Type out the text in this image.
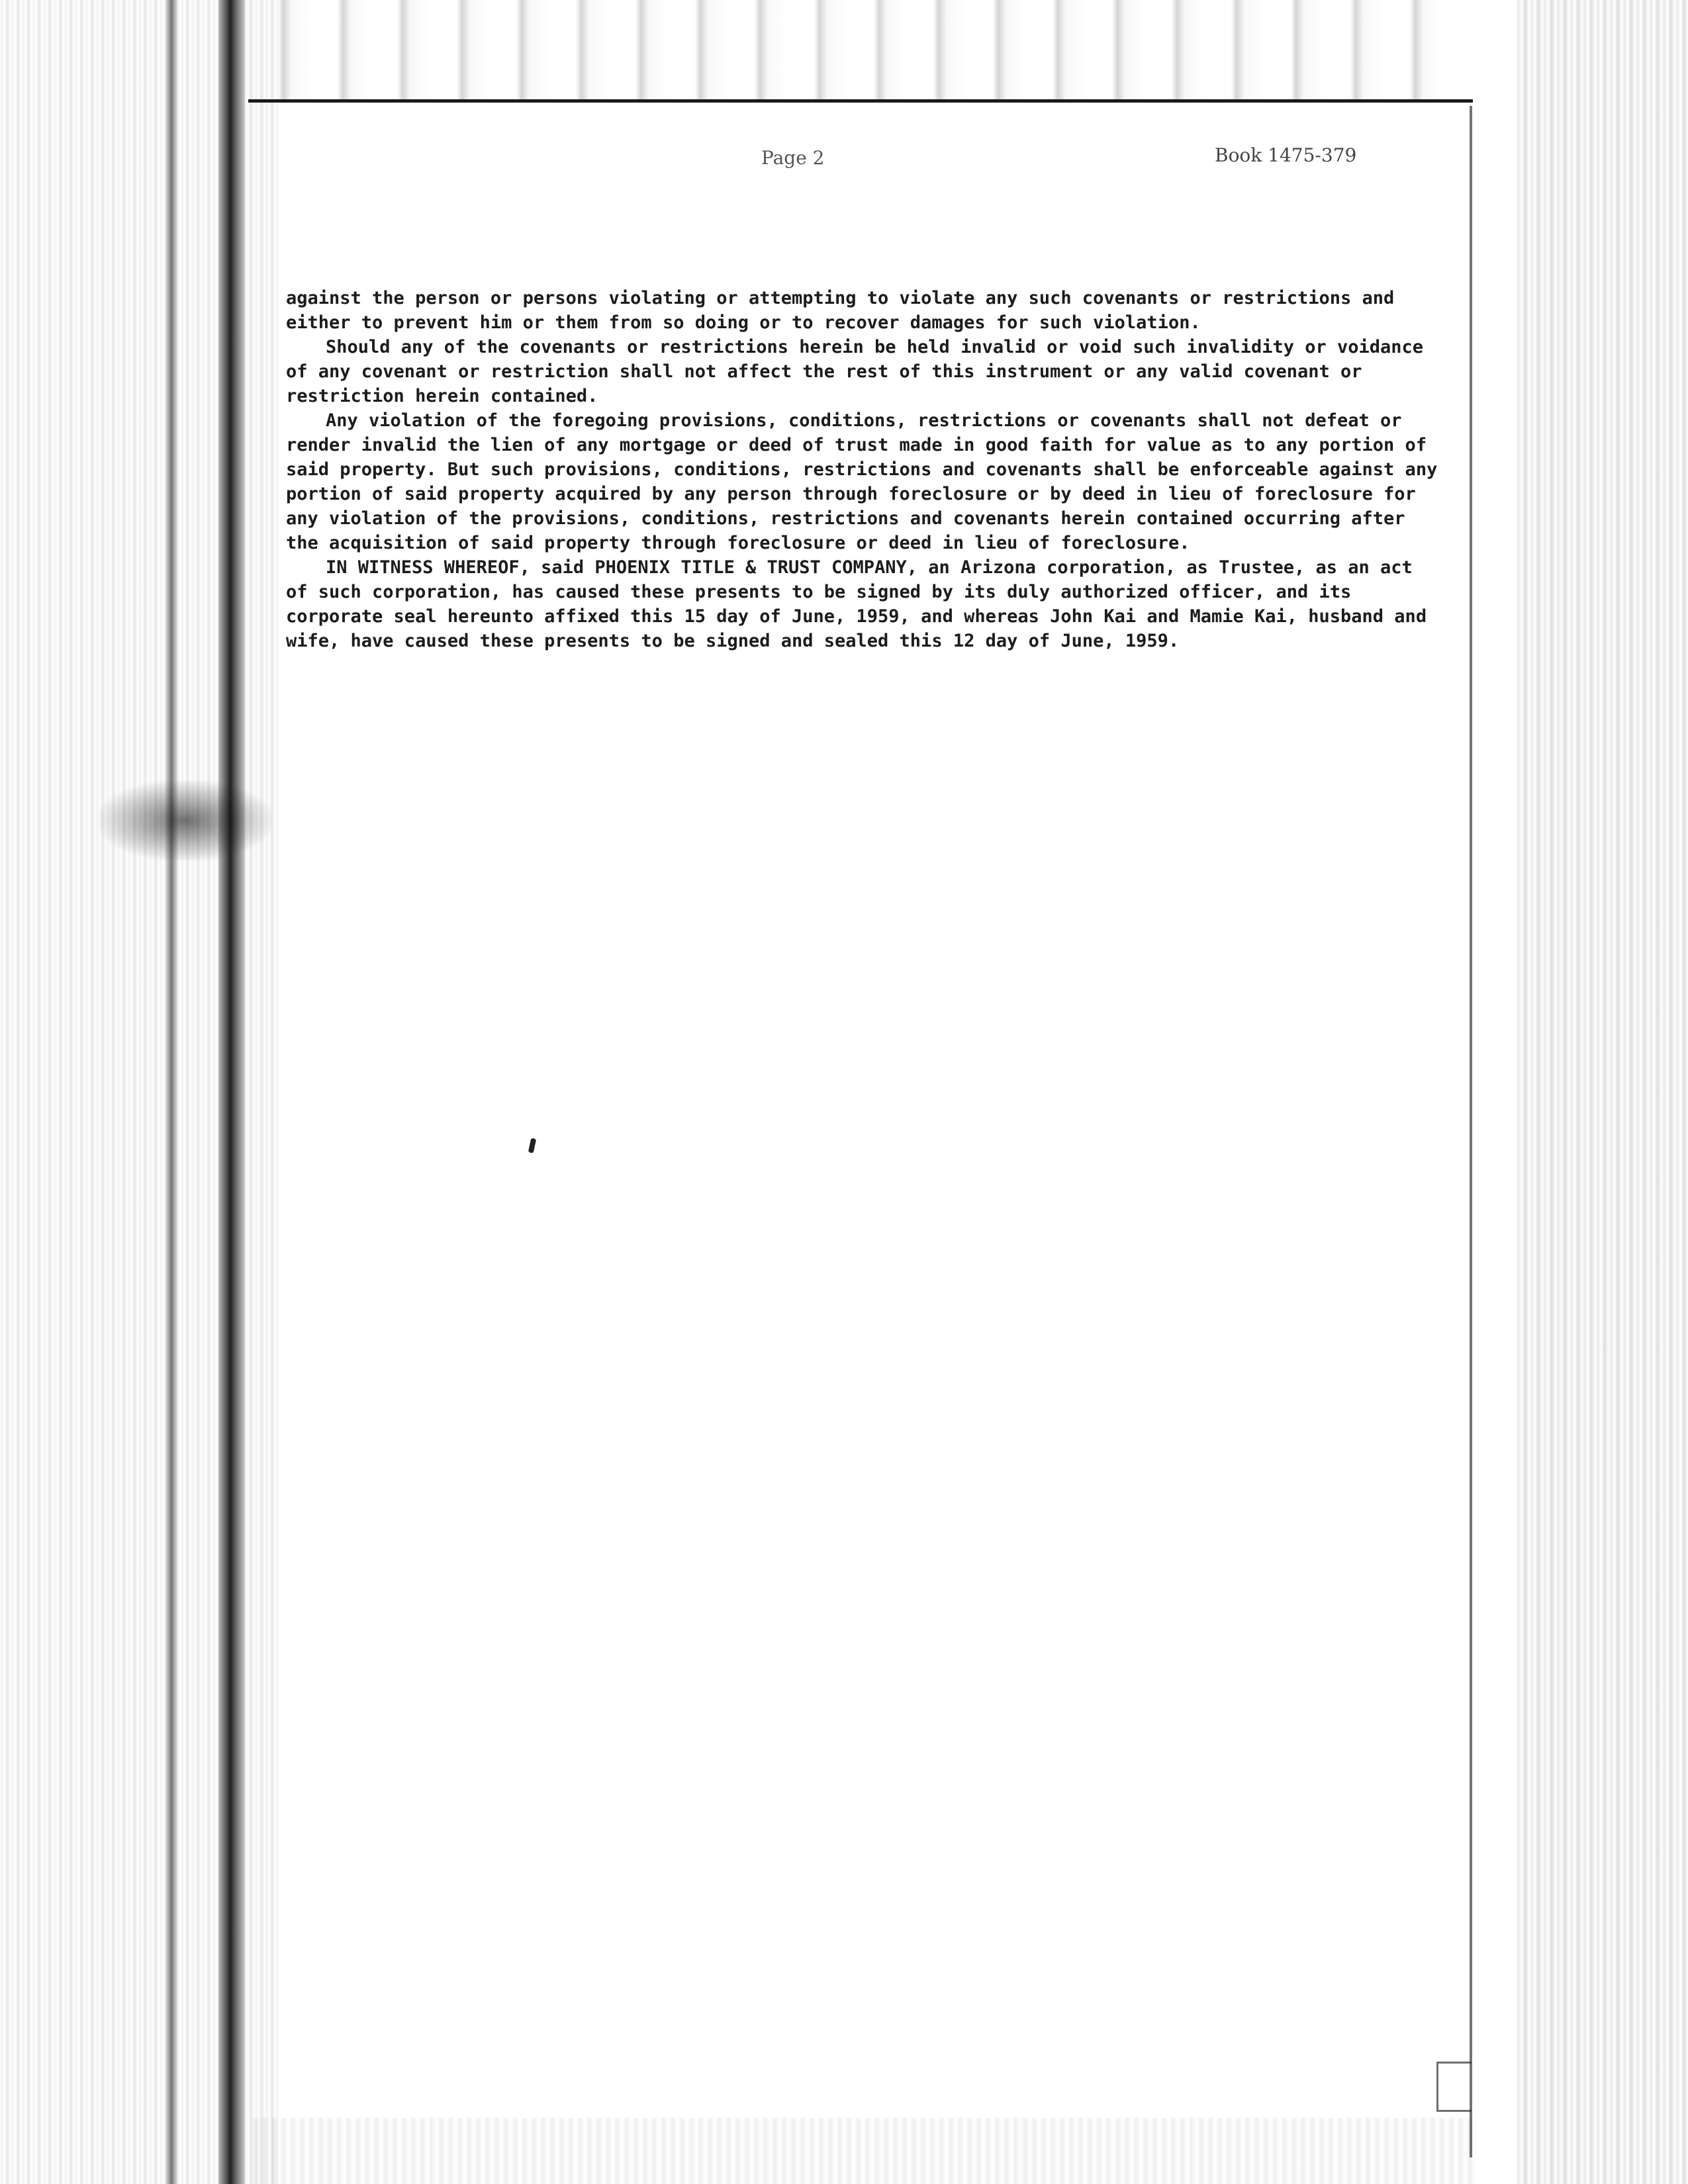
Page 2	Book 1475-379

against the person or persons violating or attempting to violate any such covenants or restrictions and either to prevent him or them from so doing or to recover damages for such violation.

Should any of the covenants or restrictions herein be held invalid or void such invalidity or voidance of any covenant or restriction shall not affect the rest of this instrument or any valid covenant or restriction herein contained.

Any violation of the foregoing provisions, conditions, restrictions or covenants shall not defeat or render invalid the lien of any mortgage or deed of trust made in good faith for value as to any portion of said property. But such provisions, conditions, restrictions and covenants shall be enforceable against any portion of said property acquired by any person through foreclosure or by deed in lieu of foreclosure for any violation of the provisions, conditions, restrictions and covenants herein contained occurring after the acquisition of said property through foreclosure or deed in lieu of foreclosure.

IN WITNESS WHEREOF, said PHOENIX TITLE & TRUST COMPANY, an Arizona corporation, as Trustee, as an act of such corporation, has caused these presents to be signed by its duly authorized officer, and its corporate seal hereunto affixed this 15 day of June, 1959, and whereas John Kai and Mamie Kai, husband and wife, have caused these presents to be signed and sealed this 12 day of June, 1959.
